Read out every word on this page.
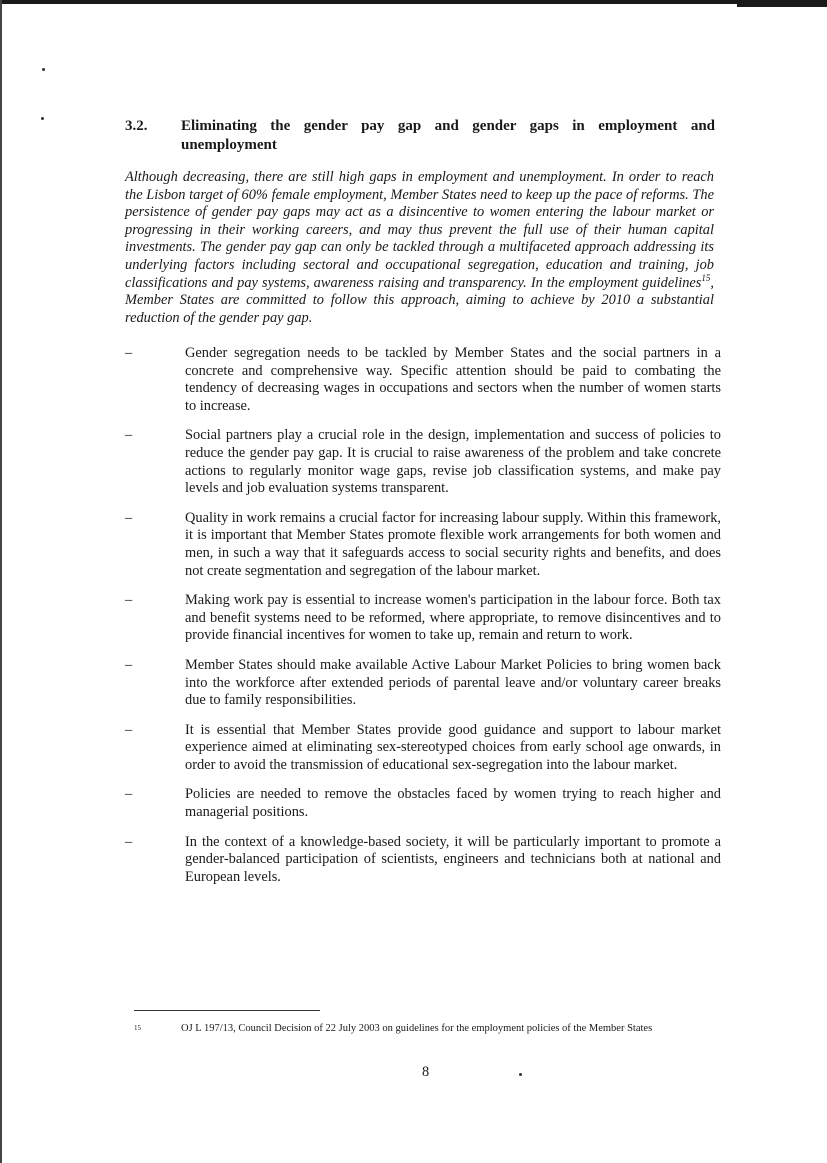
3.2. Eliminating the gender pay gap and gender gaps in employment and unemployment

Although decreasing, there are still high gaps in employment and unemployment. In order to reach the Lisbon target of 60% female employment, Member States need to keep up the pace of reforms. The persistence of gender pay gaps may act as a disincentive to women entering the labour market or progressing in their working careers, and may thus prevent the full use of their human capital investments. The gender pay gap can only be tackled through a multifaceted approach addressing its underlying factors including sectoral and occupational segregation, education and training, job classifications and pay systems, awareness raising and transparency. In the employment guidelines$^{15}$, Member States are committed to follow this approach, aiming to achieve by 2010 a substantial reduction of the gender pay gap.

–	Gender segregation needs to be tackled by Member States and the social partners in a concrete and comprehensive way. Specific attention should be paid to combating the tendency of decreasing wages in occupations and sectors when the number of women starts to increase.
–	Social partners play a crucial role in the design, implementation and success of policies to reduce the gender pay gap. It is crucial to raise awareness of the problem and take concrete actions to regularly monitor wage gaps, revise job classification systems, and make pay levels and job evaluation systems transparent.
–	Quality in work remains a crucial factor for increasing labour supply. Within this framework, it is important that Member States promote flexible work arrangements for both women and men, in such a way that it safeguards access to social security rights and benefits, and does not create segmentation and segregation of the labour market.
–	Making work pay is essential to increase women's participation in the labour force. Both tax and benefit systems need to be reformed, where appropriate, to remove disincentives and to provide financial incentives for women to take up, remain and return to work.
–	Member States should make available Active Labour Market Policies to bring women back into the workforce after extended periods of parental leave and/or voluntary career breaks due to family responsibilities.
–	It is essential that Member States provide good guidance and support to labour market experience aimed at eliminating sex-stereotyped choices from early school age onwards, in order to avoid the transmission of educational sex-segregation into the labour market.
–	Policies are needed to remove the obstacles faced by women trying to reach higher and managerial positions.
–	In the context of a knowledge-based society, it will be particularly important to promote a gender-balanced participation of scientists, engineers and technicians both at national and European levels.
15	OJ L 197/13, Council Decision of 22 July 2003 on guidelines for the employment policies of the Member States
8
